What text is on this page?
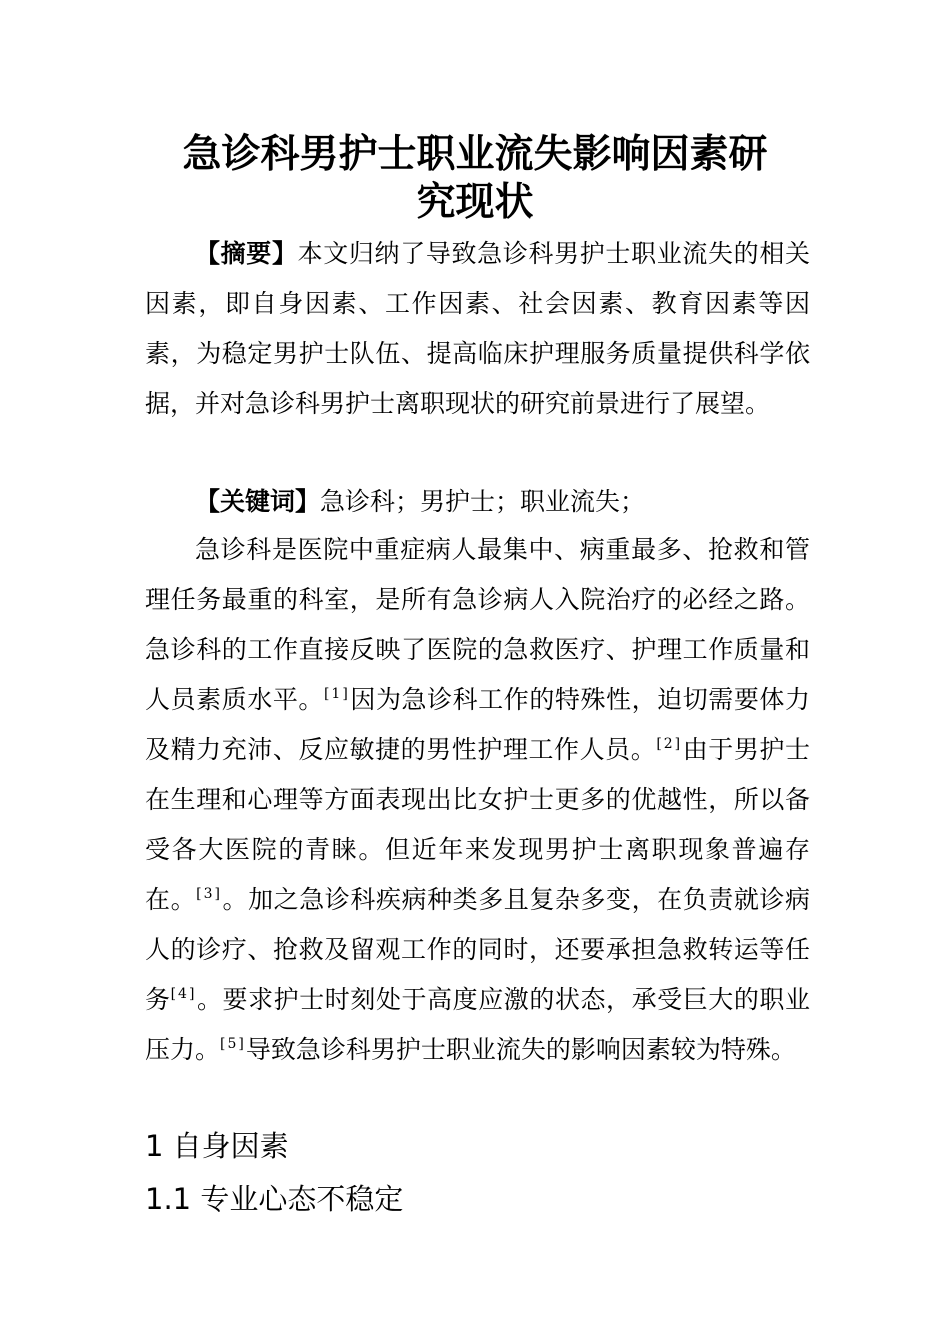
急诊科男护士职业流失影响因素研
究现状

【摘要】本文归纳了导致急诊科男护士职业流失的相关因素，即自身因素、工作因素、社会因素、教育因素等因素，为稳定男护士队伍、提高临床护理服务质量提供科学依据，并对急诊科男护士离职现状的研究前景进行了展望。

【关键词】急诊科；男护士；职业流失；

急诊科是医院中重症病人最集中、病重最多、抢救和管理任务最重的科室，是所有急诊病人入院治疗的必经之路。急诊科的工作直接反映了医院的急救医疗、护理工作质量和人员素质水平。[1]因为急诊科工作的特殊性，迫切需要体力及精力充沛、反应敏捷的男性护理工作人员。[2]由于男护士在生理和心理等方面表现出比女护士更多的优越性，所以备受各大医院的青睐。但近年来发现男护士离职现象普遍存在。[3]。加之急诊科疾病种类多且复杂多变，在负责就诊病人的诊疗、抢救及留观工作的同时，还要承担急救转运等任务[4]。要求护士时刻处于高度应激的状态，承受巨大的职业压力。[5]导致急诊科男护士职业流失的影响因素较为特殊。

1 自身因素
1.1 专业心态不稳定
